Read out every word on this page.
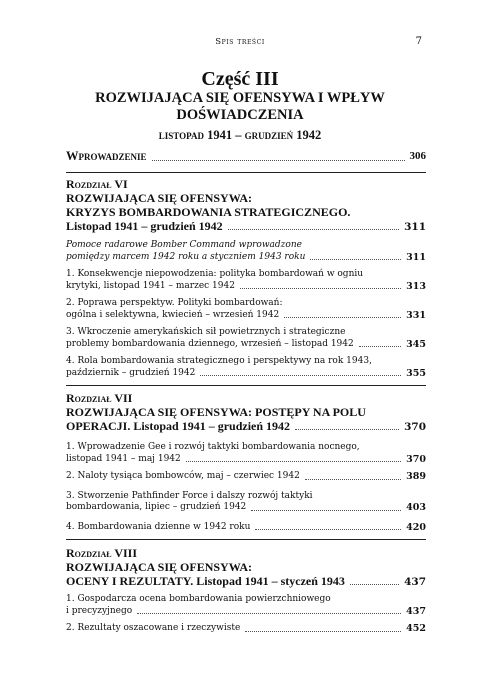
Spis treści	7
Część III
ROZWIJAJĄCA SIĘ OFENSYWA I WPŁYW
DOŚWIADCZENIA
listopad 1941 – grudzień 1942
Wprowadzenie	306
Rozdział VI
ROZWIJAJĄCA SIĘ OFENSYWA:
KRYZYS BOMBARDOWANIA STRATEGICZNEGO.
Listopad 1941 – grudzień 1942	311
Pomoce radarowe Bomber Command wprowadzone
pomiędzy marcem 1942 roku a styczniem 1943 roku	311
1. Konsekwencje niepowodzenia: polityka bombardowań w ogniu
krytyki, listopad 1941 – marzec 1942	313
2. Poprawa perspektyw. Polityki bombardowań:
ogólna i selektywna, kwiecień – wrzesień 1942	331
3. Wkroczenie amerykańskich sił powietrznych i strategiczne
problemy bombardowania dziennego, wrzesień – listopad 1942	345
4. Rola bombardowania strategicznego i perspektywy na rok 1943,
październik – grudzień 1942	355
Rozdział VII
ROZWIJAJĄCA SIĘ OFENSYWA: POSTĘPY NA POLU
OPERACJI. Listopad 1941 – grudzień 1942	370
1. Wprowadzenie Gee i rozwój taktyki bombardowania nocnego,
listopad 1941 – maj 1942	370
2. Naloty tysiąca bombowców, maj – czerwiec 1942	389
3. Stworzenie Pathfinder Force i dalszy rozwój taktyki
bombardowania, lipiec – grudzień 1942	403
4. Bombardowania dzienne w 1942 roku	420
Rozdział VIII
ROZWIJAJĄCA SIĘ OFENSYWA:
OCENY I REZULTATY. Listopad 1941 – styczeń 1943	437
1. Gospodarcza ocena bombardowania powierzchniowego
i precyzyjnego	437
2. Rezultaty oszacowane i rzeczywiste	452
